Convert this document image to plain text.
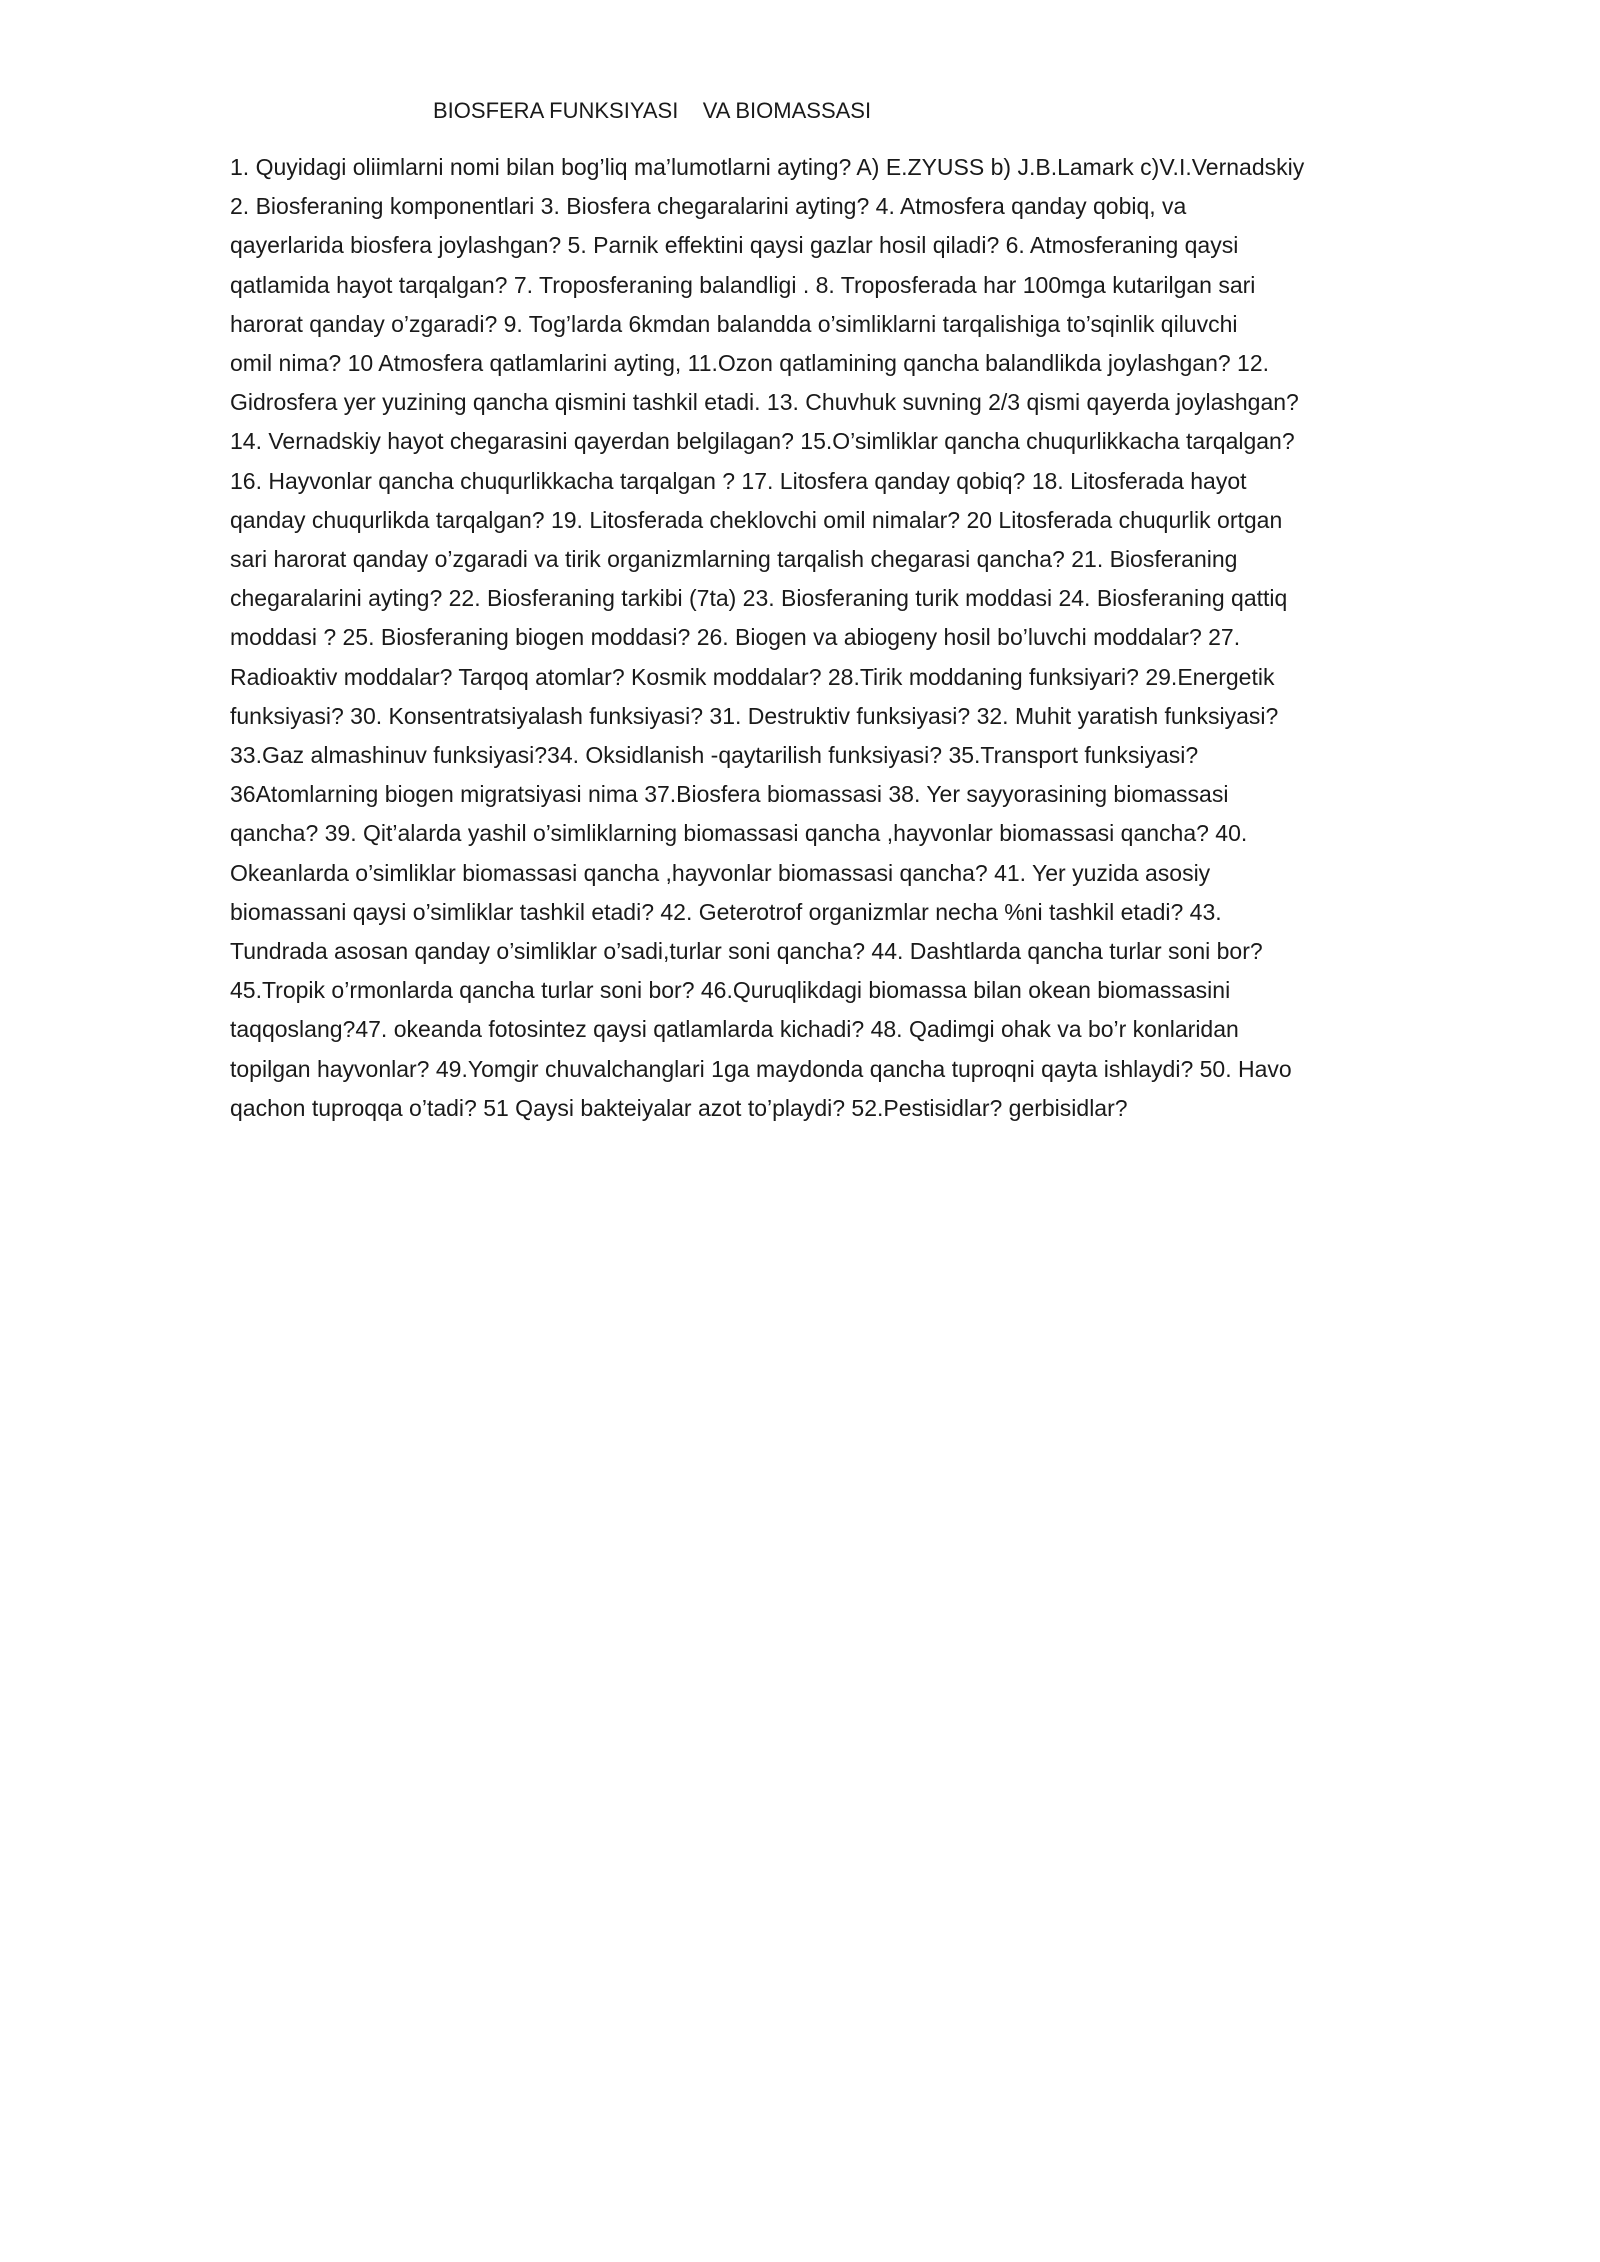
BIOSFERA FUNKSIYASI    VA BIOMASSASI
1. Quyidagi oliimlarni nomi bilan bog’liq ma’lumotlarni ayting? A) E.ZYUSS b) J.B.Lamark c)V.I.Vernadskiy
2. Biosferaning komponentlari 3. Biosfera chegaralarini ayting? 4. Atmosfera qanday qobiq, va
qayerlarida biosfera joylashgan? 5. Parnik effektini qaysi gazlar hosil qiladi? 6. Atmosferaning qaysi
qatlamida hayot tarqalgan? 7. Troposferaning balandligi . 8. Troposferada har 100mga kutarilgan sari
harorat qanday o’zgaradi? 9. Tog’larda 6kmdan balandda o’simliklarni tarqalishiga to’sqinlik qiluvchi
omil nima? 10 Atmosfera qatlamlarini ayting, 11.Ozon qatlamining qancha balandlikda joylashgan? 12.
Gidrosfera yer yuzining qancha qismini tashkil etadi. 13. Chuvhuk suvning 2/3 qismi qayerda joylashgan?
14. Vernadskiy hayot chegarasini qayerdan belgilagan? 15.O’simliklar qancha chuqurlikkacha tarqalgan?
16. Hayvonlar qancha chuqurlikkacha tarqalgan ? 17. Litosfera qanday qobiq? 18. Litosferada hayot
qanday chuqurlikda tarqalgan? 19. Litosferada cheklovchi omil nimalar? 20 Litosferada chuqurlik ortgan
sari harorat qanday o’zgaradi va tirik organizmlarning tarqalish chegarasi qancha? 21. Biosferaning
chegaralarini ayting? 22. Biosferaning tarkibi (7ta) 23. Biosferaning turik moddasi 24. Biosferaning qattiq
moddasi ? 25. Biosferaning biogen moddasi? 26. Biogen va abiogeny hosil bo’luvchi moddalar? 27.
Radioaktiv moddalar? Tarqoq atomlar? Kosmik moddalar? 28.Tirik moddaning funksiyari? 29.Energetik
funksiyasi? 30. Konsentratsiyalash funksiyasi? 31. Destruktiv funksiyasi? 32. Muhit yaratish funksiyasi?
33.Gaz almashinuv funksiyasi?34. Oksidlanish -qaytarilish funksiyasi? 35.Transport funksiyasi?
36Atomlarning biogen migratsiyasi nima 37.Biosfera biomassasi 38. Yer sayyorasining biomassasi
qancha? 39. Qit’alarda yashil o’simliklarning biomassasi qancha ,hayvonlar biomassasi qancha? 40.
Okeanlarda o’simliklar biomassasi qancha ,hayvonlar biomassasi qancha? 41. Yer yuzida asosiy
biomassani qaysi o’simliklar tashkil etadi? 42. Geterotrof organizmlar necha %ni tashkil etadi? 43.
Tundrada asosan qanday o’simliklar o’sadi,turlar soni qancha? 44. Dashtlarda qancha turlar soni bor?
45.Tropik o’rmonlarda qancha turlar soni bor? 46.Quruqlikdagi biomassa bilan okean biomassasini
taqqoslang?47. okeanda fotosintez qaysi qatlamlarda kichadi? 48. Qadimgi ohak va bo’r konlaridan
topilgan hayvonlar? 49.Yomgir chuvalchanglari 1ga maydonda qancha tuproqni qayta ishlaydi? 50. Havo
qachon tuproqqa o’tadi? 51 Qaysi bakteiyalar azot to’playdi? 52.Pestisidlar? gerbisidlar?
